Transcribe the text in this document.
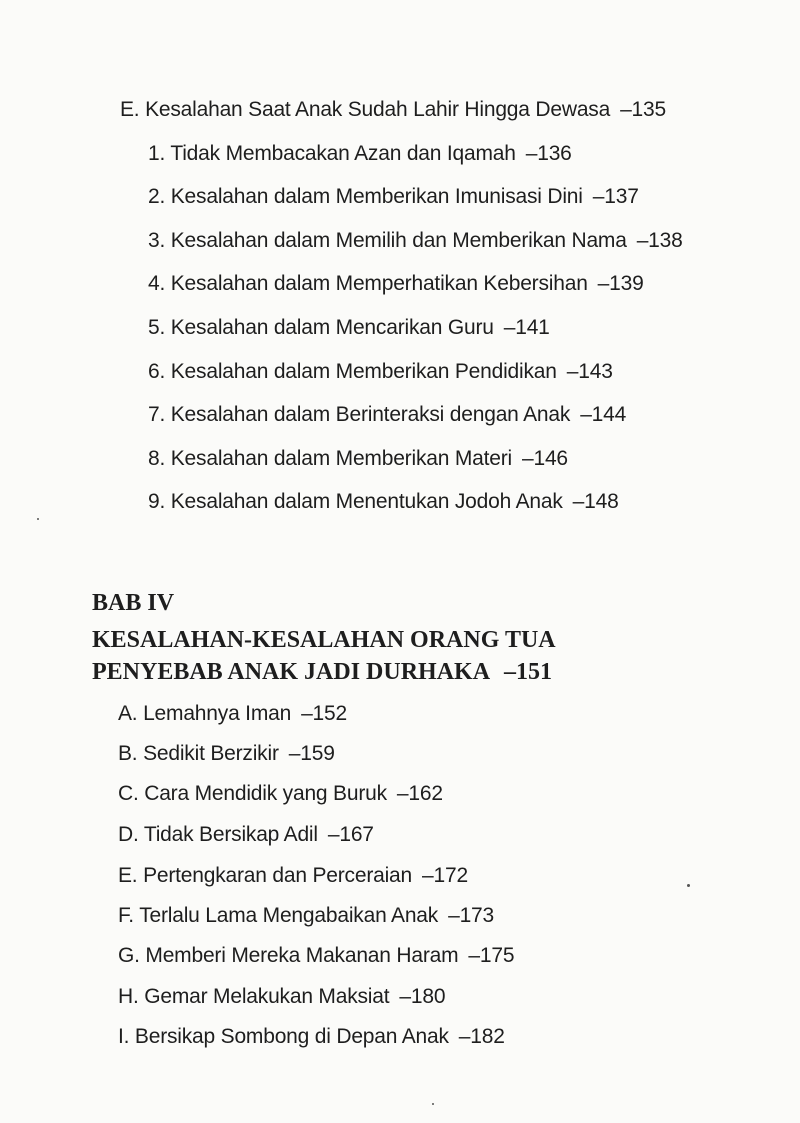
E. Kesalahan Saat Anak Sudah Lahir Hingga Dewasa –135
1. Tidak Membacakan Azan dan Iqamah –136
2. Kesalahan dalam Memberikan Imunisasi Dini –137
3. Kesalahan dalam Memilih dan Memberikan Nama –138
4. Kesalahan dalam Memperhatikan Kebersihan –139
5. Kesalahan dalam Mencarikan Guru –141
6. Kesalahan dalam Memberikan Pendidikan –143
7. Kesalahan dalam Berinteraksi dengan Anak –144
8. Kesalahan dalam Memberikan Materi –146
9. Kesalahan dalam Menentukan Jodoh Anak –148
BAB IV
KESALAHAN-KESALAHAN ORANG TUA
PENYEBAB ANAK JADI DURHAKA –151
A. Lemahnya Iman –152
B. Sedikit Berzikir –159
C. Cara Mendidik yang Buruk –162
D. Tidak Bersikap Adil –167
E. Pertengkaran dan Perceraian –172
F. Terlalu Lama Mengabaikan Anak –173
G. Memberi Mereka Makanan Haram –175
H. Gemar Melakukan Maksiat –180
I. Bersikap Sombong di Depan Anak –182
